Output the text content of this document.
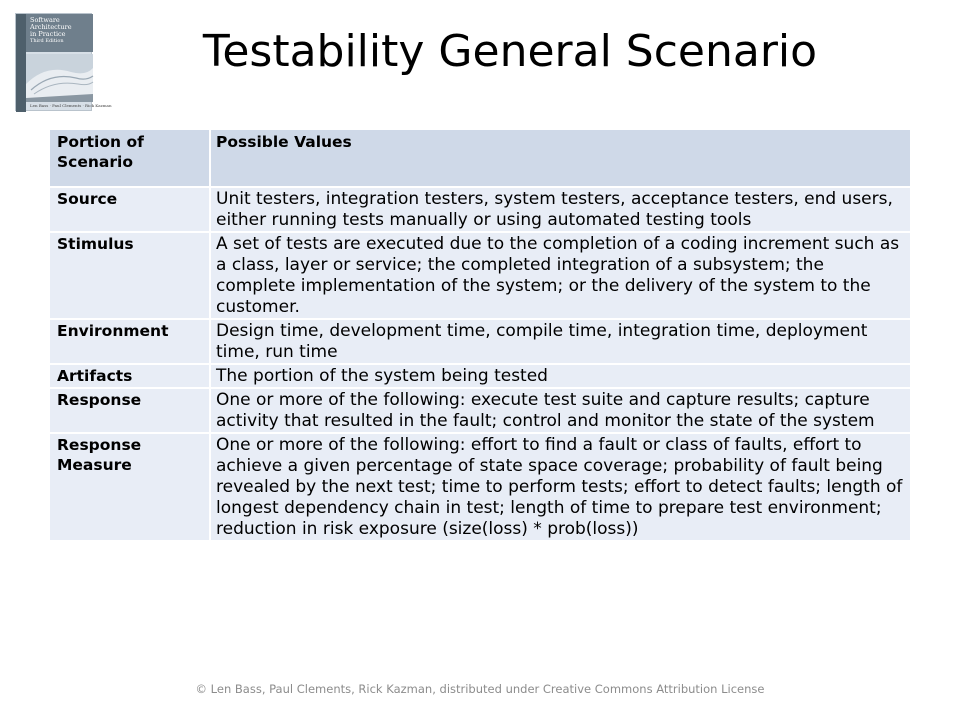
Software
Architecture
in Practice
Third Edition
Len Bass · Paul Clements · Rick Kazman
Testability General Scenario
Portion of Scenario	Possible Values
Source	Unit testers, integration testers, system testers, acceptance testers, end users, either running tests manually or using automated testing tools
Stimulus	A set of tests are executed due to the completion of a coding increment such as a class, layer or service; the completed integration of a subsystem; the complete implementation of the system; or the delivery of the system to the customer.
Environment	Design time, development time, compile time, integration time, deployment time, run time
Artifacts	The portion of the system being tested
Response	One or more of the following: execute test suite and capture results; capture activity that resulted in the fault; control and monitor the state of the system
Response Measure	One or more of the following: effort to find a fault or class of faults, effort to achieve a given percentage of state space coverage; probability of fault being revealed by the next test; time to perform tests; effort to detect faults; length of longest dependency chain in test; length of time to prepare test environment; reduction in risk exposure (size(loss) * prob(loss))
© Len Bass, Paul Clements, Rick Kazman, distributed under Creative Commons Attribution License
